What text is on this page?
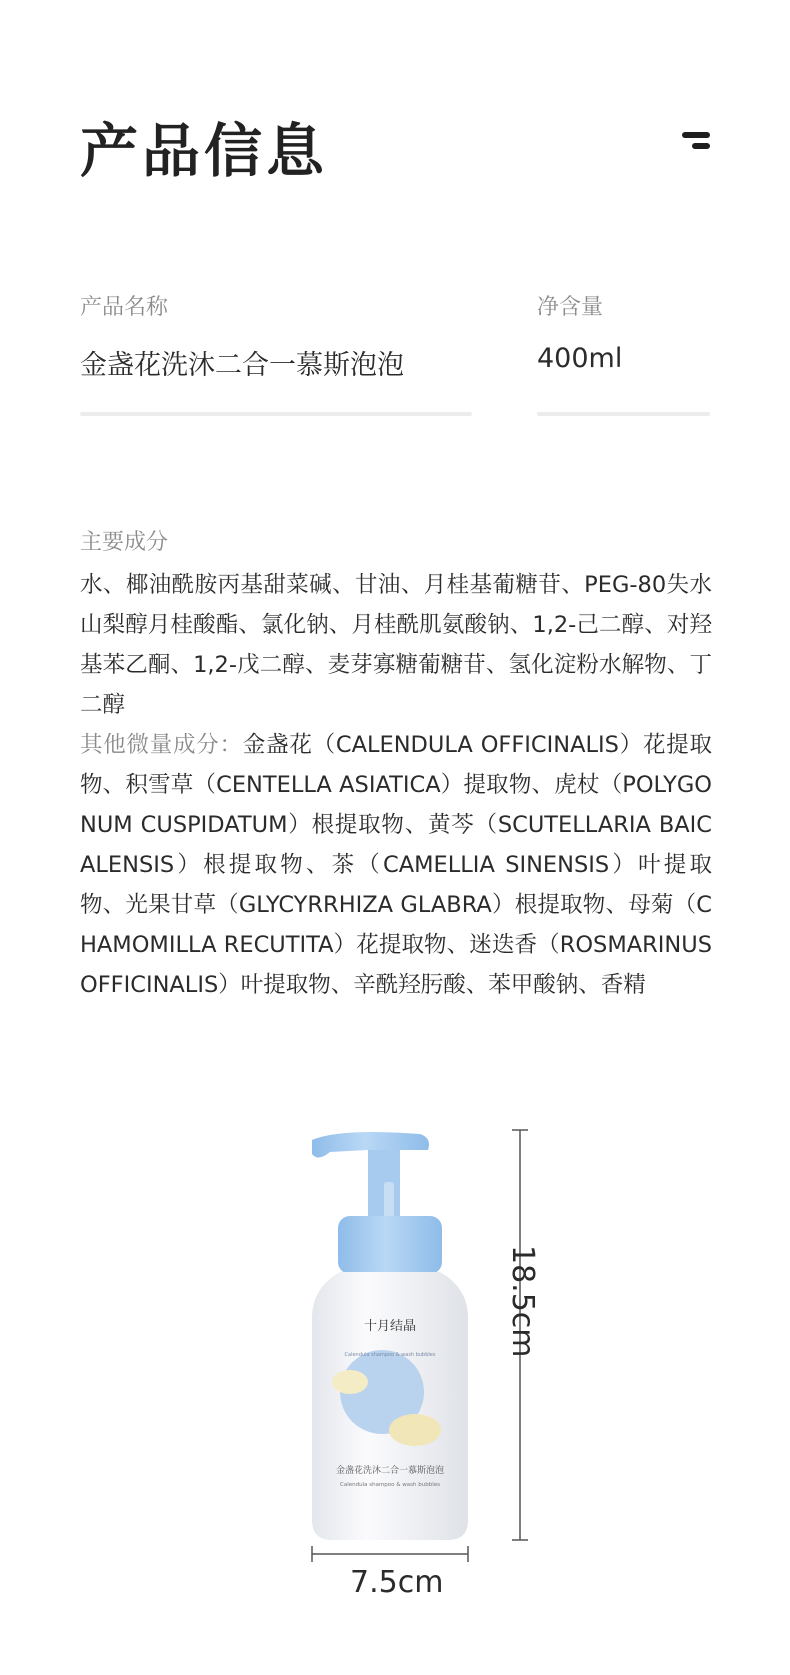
产品信息
产品名称
金盏花洗沐二合一慕斯泡泡
净含量
400ml
主要成分
水、椰油酰胺丙基甜菜碱、甘油、月桂基葡糖苷、PEG-80失水山梨醇月桂酸酯、氯化钠、月桂酰肌氨酸钠、1,2-己二醇、对羟基苯乙酮、1,2-戊二醇、麦芽寡糖葡糖苷、氢化淀粉水解物、丁二醇
其他微量成分：金盏花（CALENDULA OFFICINALIS）花提取物、积雪草（CENTELLA ASIATICA）提取物、虎杖（POLYGONUM CUSPIDATUM）根提取物、黄芩（SCUTELLARIA BAICALENSIS）根提取物、茶（CAMELLIA SINENSIS）叶提取物、光果甘草（GLYCYRRHIZA GLABRA）根提取物、母菊（CHAMOMILLA RECUTITA）花提取物、迷迭香（ROSMARINUS OFFICINALIS）叶提取物、辛酰羟肟酸、苯甲酸钠、香精
十月结晶
Calendula shampoo & wash bubbles
金盏花洗沐二合一慕斯泡泡
Calendula shampoo & wash bubbles
18.5cm
7.5cm
